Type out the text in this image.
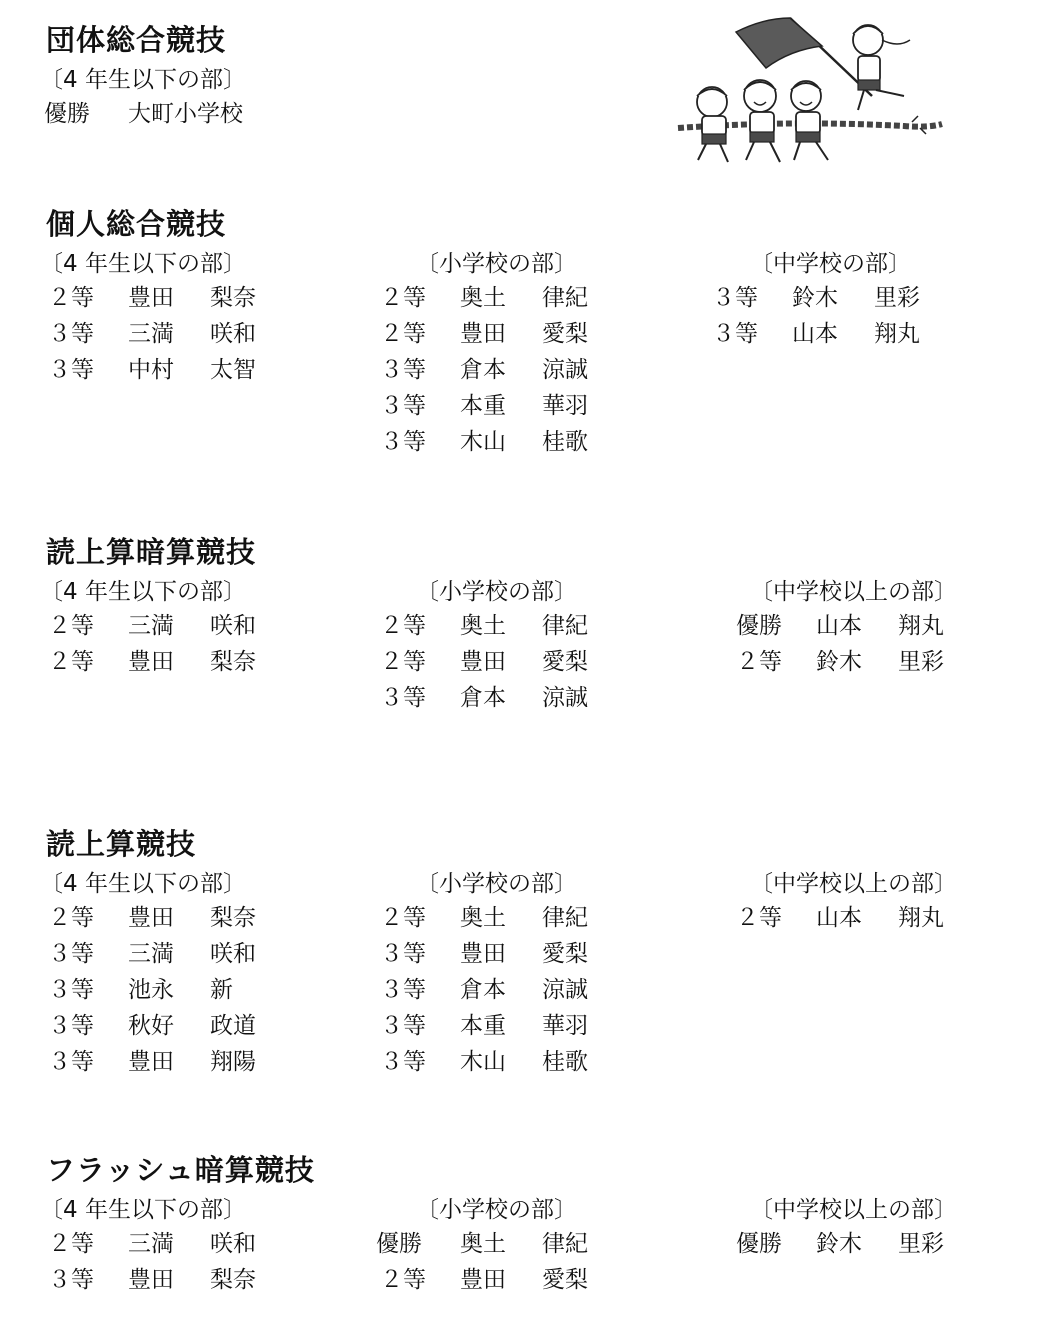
団体総合競技
〔4 年生以下の部〕
優勝 大町小学校
個人総合競技
〔4 年生以下の部〕
２等	豊田	梨奈
３等	三満	咲和
３等	中村	太智
〔小学校の部〕
２等	奥土	律紀
２等	豊田	愛梨
３等	倉本	涼誠
３等	本重	華羽
３等	木山	桂歌
〔中学校の部〕
３等	鈴木	里彩
３等	山本	翔丸
読上算暗算競技
〔4 年生以下の部〕
２等	三満	咲和
２等	豊田	梨奈
〔小学校の部〕
２等	奥土	律紀
２等	豊田	愛梨
３等	倉本	涼誠
〔中学校以上の部〕
優勝	山本	翔丸
２等	鈴木	里彩
読上算競技
〔4 年生以下の部〕
２等	豊田	梨奈
３等	三満	咲和
３等	池永	新
３等	秋好	政道
３等	豊田	翔陽
〔小学校の部〕
２等	奥土	律紀
３等	豊田	愛梨
３等	倉本	涼誠
３等	本重	華羽
３等	木山	桂歌
〔中学校以上の部〕
２等	山本	翔丸
フラッシュ暗算競技
〔4 年生以下の部〕
２等	三満	咲和
３等	豊田	梨奈
〔小学校の部〕
優勝	奥土	律紀
２等	豊田	愛梨
〔中学校以上の部〕
優勝	鈴木	里彩
